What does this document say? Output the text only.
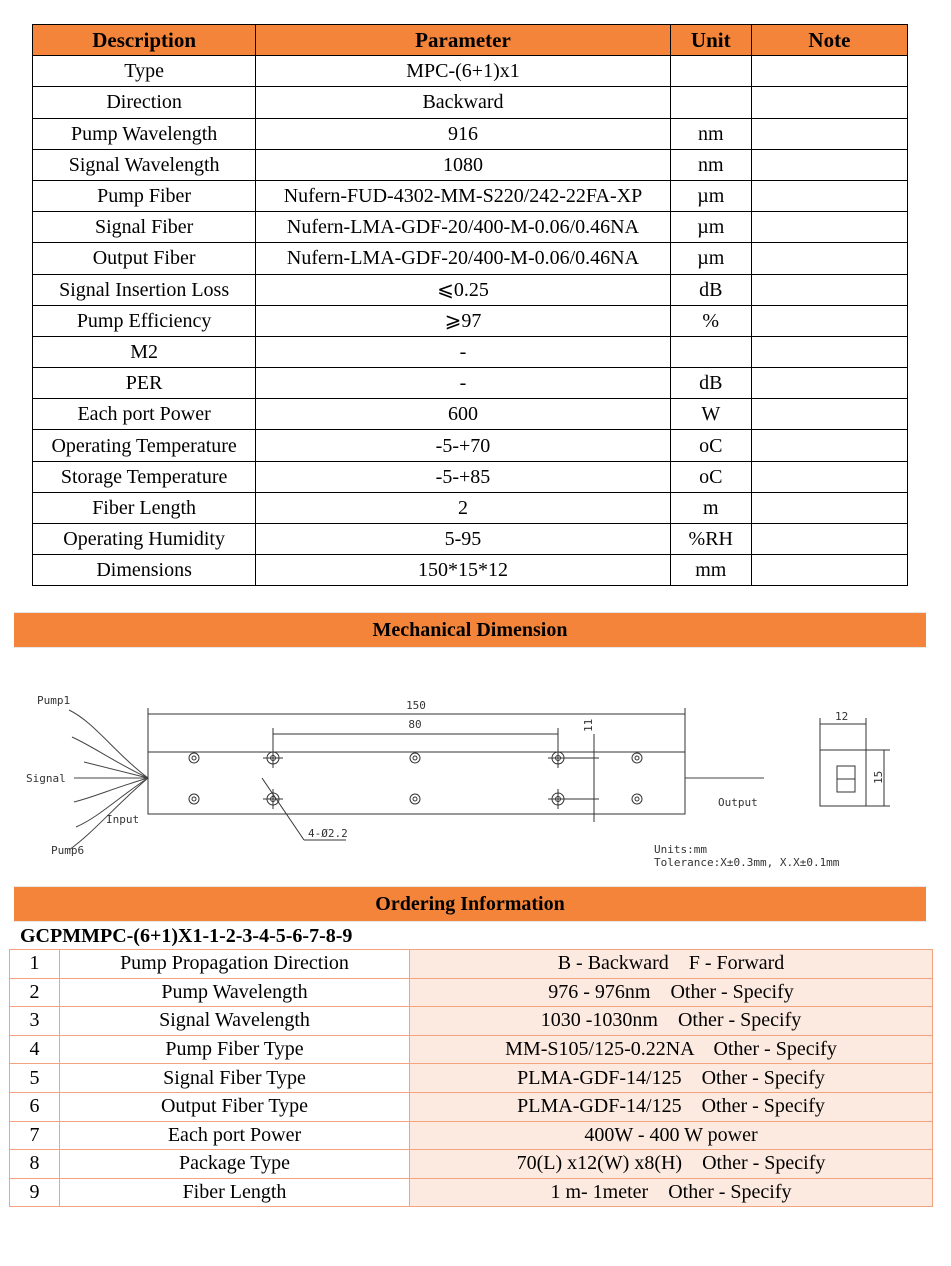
Description	Parameter	Unit	Note
Type	MPC-(6+1)x1		
Direction	Backward		
Pump Wavelength	916	nm	
Signal Wavelength	1080	nm	
Pump Fiber	Nufern-FUD-4302-MM-S220/242-22FA-XP	µm	
Signal Fiber	Nufern-LMA-GDF-20/400-M-0.06/0.46NA	µm	
Output Fiber	Nufern-LMA-GDF-20/400-M-0.06/0.46NA	µm	
Signal Insertion Loss	⩽0.25	dB	
Pump Efficiency	⩾97	%	
M2	-		
PER	-	dB	
Each port Power	600	W	
Operating Temperature	-5-+70	oC	
Storage Temperature	-5-+85	oC	
Fiber Length	2	m	
Operating Humidity	5-95	%RH	
Dimensions	150*15*12	mm	
Mechanical Dimension
Pump1
Signal
Input
Pump6
Output
150
80	11
4-Ø2.2
12
15
Units:mm
Tolerance:X±0.3mm, X.X±0.1mm
Ordering Information
GCPMMPC-(6+1)X1-1-2-3-4-5-6-7-8-9
1	Pump Propagation Direction	B - Backward    F - Forward
2	Pump Wavelength	976 - 976nm    Other - Specify
3	Signal Wavelength	1030 -1030nm    Other - Specify
4	Pump Fiber Type	MM-S105/125-0.22NA    Other - Specify
5	Signal Fiber Type	PLMA-GDF-14/125    Other - Specify
6	Output Fiber Type	PLMA-GDF-14/125    Other - Specify
7	Each port Power	400W - 400 W power
8	Package Type	70(L) x12(W) x8(H)    Other - Specify
9	Fiber Length	1 m- 1meter    Other - Specify
